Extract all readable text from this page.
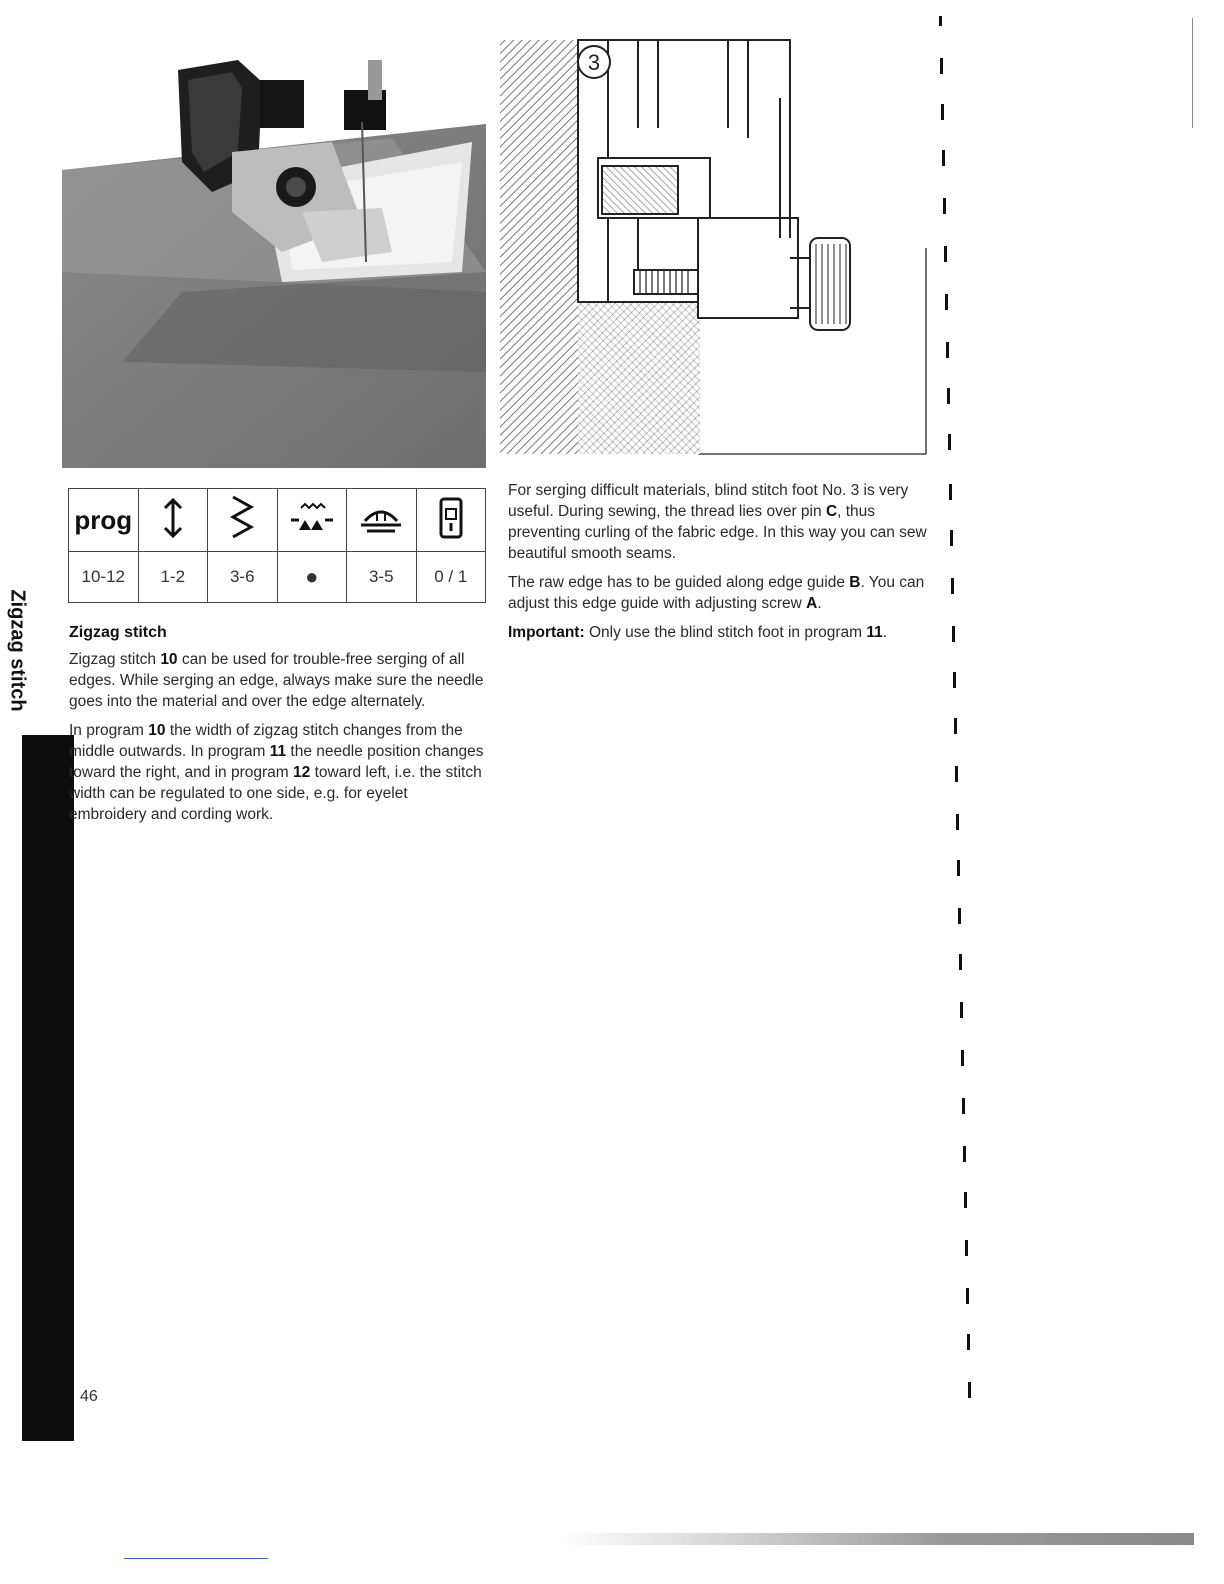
3
prog					
10-12	1-2	3-6	●	3-5	0 / 1
Zigzag stitch	Zigzag stitch

Zigzag stitch 10 can be used for trouble-free serging of all edges. While serging an edge, always make sure the needle goes into the material and over the edge alternately.

In program 10 the width of zigzag stitch changes from the middle outwards. In program 11 the needle position changes toward the right, and in program 12 toward left, i.e. the stitch width can be regulated to one side, e.g. for eyelet embroidery and cording work.

For serging difficult materials, blind stitch foot No. 3 is very useful. During sewing, the thread lies over pin C, thus preventing curling of the fabric edge. In this way you can sew beautiful smooth seams.

The raw edge has to be guided along edge guide B. You can adjust this edge guide with adjusting screw A.

Important: Only use the blind stitch foot in program 11.

46
